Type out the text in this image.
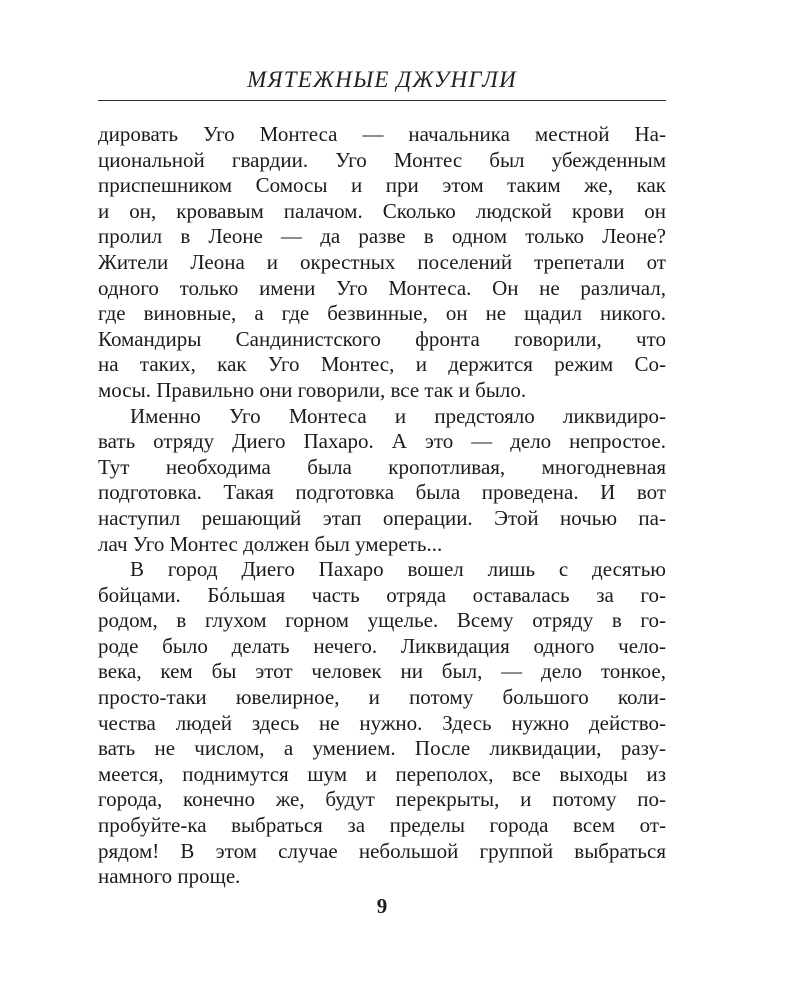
МЯТЕЖНЫЕ ДЖУНГЛИ
дировать Уго Монтеса — начальника местной На-
циональной гвардии. Уго Монтес был убежденным
приспешником Сомосы и при этом таким же, как
и он, кровавым палачом. Сколько людской крови он
пролил в Леоне — да разве в одном только Леоне?
Жители Леона и окрестных поселений трепетали от
одного только имени Уго Монтеса. Он не различал,
где виновные, а где безвинные, он не щадил никого.
Командиры Сандинистского фронта говорили, что
на таких, как Уго Монтес, и держится режим Со-
мосы. Правильно они говорили, все так и было.
Именно Уго Монтеса и предстояло ликвидиро-
вать отряду Диего Пахаро. А это — дело непростое.
Тут необходима была кропотливая, многодневная
подготовка. Такая подготовка была проведена. И вот
наступил решающий этап операции. Этой ночью па-
лач Уго Монтес должен был умереть...
В город Диего Пахаро вошел лишь с десятью
бойцами. Бóльшая часть отряда оставалась за го-
родом, в глухом горном ущелье. Всему отряду в го-
роде было делать нечего. Ликвидация одного чело-
века, кем бы этот человек ни был, — дело тонкое,
просто-таки ювелирное, и потому большого коли-
чества людей здесь не нужно. Здесь нужно действо-
вать не числом, а умением. После ликвидации, разу-
меется, поднимутся шум и переполох, все выходы из
города, конечно же, будут перекрыты, и потому по-
пробуйте-ка выбраться за пределы города всем от-
рядом! В этом случае небольшой группой выбраться
намного проще.
9
